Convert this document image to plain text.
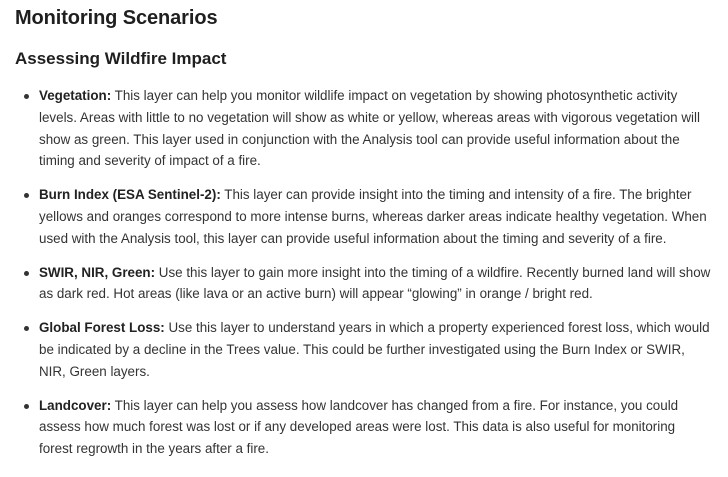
Monitoring Scenarios
Assessing Wildfire Impact
Vegetation: This layer can help you monitor wildlife impact on vegetation by showing photosynthetic activity levels. Areas with little to no vegetation will show as white or yellow, whereas areas with vigorous vegetation will show as green. This layer used in conjunction with the Analysis tool can provide useful information about the timing and severity of impact of a fire.
Burn Index (ESA Sentinel-2): This layer can provide insight into the timing and intensity of a fire. The brighter yellows and oranges correspond to more intense burns, whereas darker areas indicate healthy vegetation. When used with the Analysis tool, this layer can provide useful information about the timing and severity of a fire.
SWIR, NIR, Green: Use this layer to gain more insight into the timing of a wildfire. Recently burned land will show as dark red. Hot areas (like lava or an active burn) will appear “glowing” in orange / bright red.
Global Forest Loss: Use this layer to understand years in which a property experienced forest loss, which would be indicated by a decline in the Trees value. This could be further investigated using the Burn Index or SWIR, NIR, Green layers.
Landcover: This layer can help you assess how landcover has changed from a fire. For instance, you could assess how much forest was lost or if any developed areas were lost. This data is also useful for monitoring forest regrowth in the years after a fire.
